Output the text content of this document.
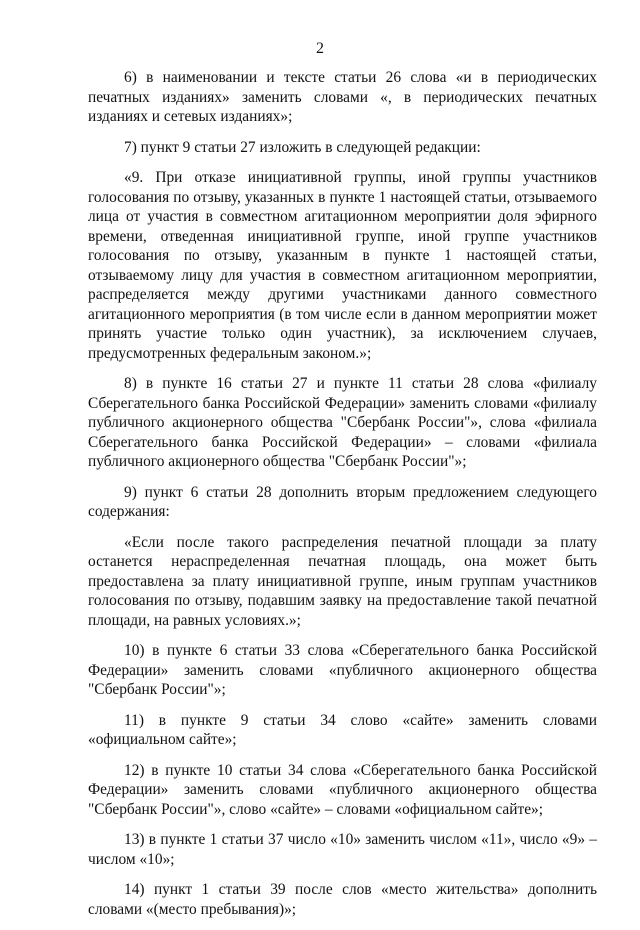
2

6) в наименовании и тексте статьи 26 слова «и в периодических печатных изданиях» заменить словами «, в периодических печатных изданиях и сетевых изданиях»;

7) пункт 9 статьи 27 изложить в следующей редакции:

«9. При отказе инициативной группы, иной группы участников голосования по отзыву, указанных в пункте 1 настоящей статьи, отзываемого лица от участия в совместном агитационном мероприятии доля эфирного времени, отведенная инициативной группе, иной группе участников голосования по отзыву, указанным в пункте 1 настоящей статьи, отзываемому лицу для участия в совместном агитационном мероприятии, распределяется между другими участниками данного совместного агитационного мероприятия (в том числе если в данном мероприятии может принять участие только один участник), за исключением случаев, предусмотренных федеральным законом.»;

8) в пункте 16 статьи 27 и пункте 11 статьи 28 слова «филиалу Сберегательного банка Российской Федерации» заменить словами «филиалу публичного акционерного общества "Сбербанк России"», слова «филиала Сберегательного банка Российской Федерации» – словами «филиала публичного акционерного общества "Сбербанк России"»;

9) пункт 6 статьи 28 дополнить вторым предложением следующего содержания:

«Если после такого распределения печатной площади за плату останется нераспределенная печатная площадь, она может быть предоставлена за плату инициативной группе, иным группам участников голосования по отзыву, подавшим заявку на предоставление такой печатной площади, на равных условиях.»;

10) в пункте 6 статьи 33 слова «Сберегательного банка Российской Федерации» заменить словами «публичного акционерного общества "Сбербанк России"»;

11) в пункте 9 статьи 34 слово «сайте» заменить словами «официальном сайте»;

12) в пункте 10 статьи 34 слова «Сберегательного банка Российской Федерации» заменить словами «публичного акционерного общества "Сбербанк России"», слово «сайте» – словами «официальном сайте»;

13) в пункте 1 статьи 37 число «10» заменить числом «11», число «9» – числом «10»;

14) пункт 1 статьи 39 после слов «место жительства» дополнить словами «(место пребывания)»;
